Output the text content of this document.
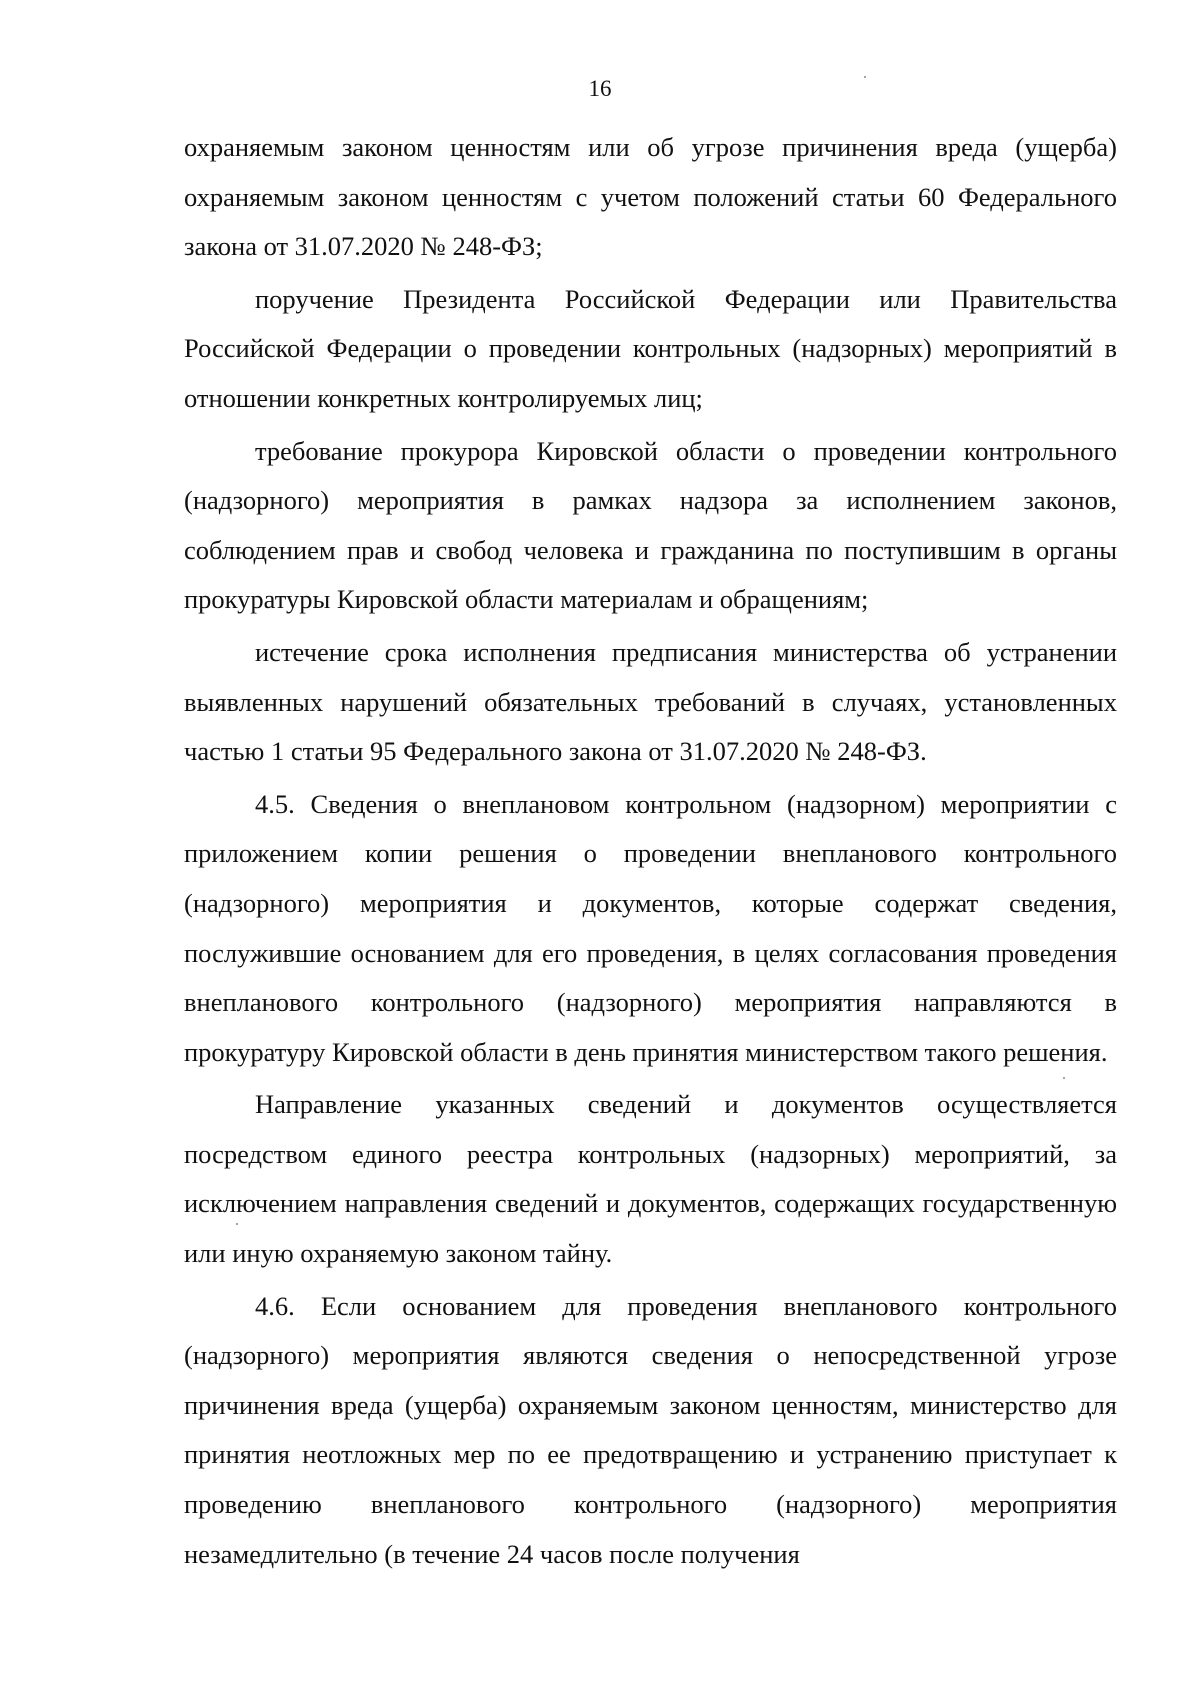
16

охраняемым законом ценностям или об угрозе причинения вреда (ущерба) охраняемым законом ценностям с учетом положений статьи 60 Федерального закона от 31.07.2020 № 248-ФЗ;

поручение Президента Российской Федерации или Правительства Российской Федерации о проведении контрольных (надзорных) мероприятий в отношении конкретных контролируемых лиц;

требование прокурора Кировской области о проведении контрольного (надзорного) мероприятия в рамках надзора за исполнением законов, соблюдением прав и свобод человека и гражданина по поступившим в органы прокуратуры Кировской области материалам и обращениям;

истечение срока исполнения предписания министерства об устранении выявленных нарушений обязательных требований в случаях, установленных частью 1 статьи 95 Федерального закона от 31.07.2020 № 248-ФЗ.

4.5. Сведения о внеплановом контрольном (надзорном) мероприятии с приложением копии решения о проведении внепланового контрольного (надзорного) мероприятия и документов, которые содержат сведения, послужившие основанием для его проведения, в целях согласования проведения внепланового контрольного (надзорного) мероприятия направляются в прокуратуру Кировской области в день принятия министерством такого решения.

Направление указанных сведений и документов осуществляется посредством единого реестра контрольных (надзорных) мероприятий, за исключением направления сведений и документов, содержащих государственную или иную охраняемую законом тайну.

4.6. Если основанием для проведения внепланового контрольного (надзорного) мероприятия являются сведения о непосредственной угрозе причинения вреда (ущерба) охраняемым законом ценностям, министерство для принятия неотложных мер по ее предотвращению и устранению приступает к проведению внепланового контрольного (надзорного) мероприятия незамедлительно (в течение 24 часов после получения
